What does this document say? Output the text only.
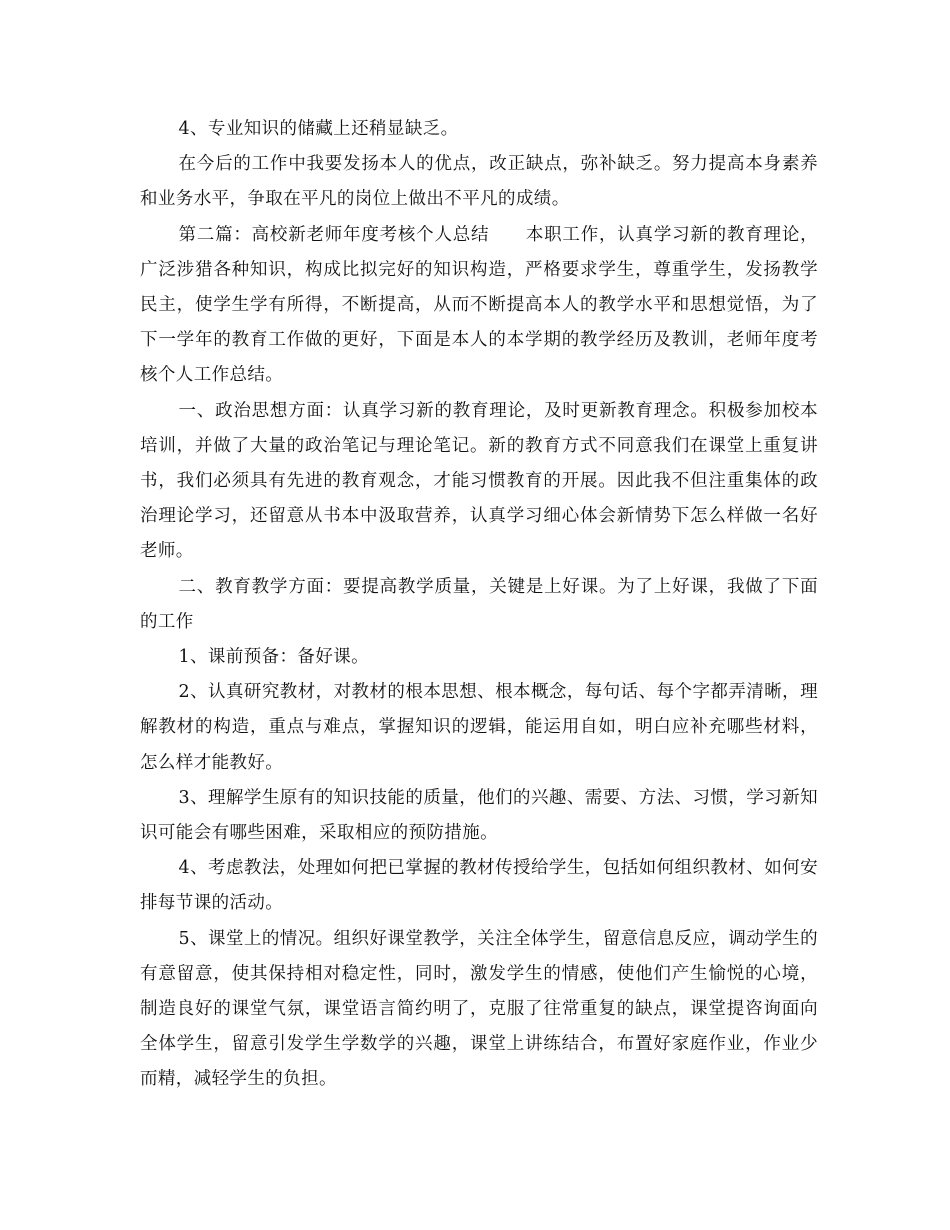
4、专业知识的储藏上还稍显缺乏。

在今后的工作中我要发扬本人的优点，改正缺点，弥补缺乏。努力提高本身素养和业务水平，争取在平凡的岗位上做出不平凡的成绩。

第二篇：高校新老师年度考核个人总结　　本职工作，认真学习新的教育理论，广泛涉猎各种知识，构成比拟完好的知识构造，严格要求学生，尊重学生，发扬教学民主，使学生学有所得，不断提高，从而不断提高本人的教学水平和思想觉悟，为了下一学年的教育工作做的更好，下面是本人的本学期的教学经历及教训，老师年度考核个人工作总结。

一、政治思想方面：认真学习新的教育理论，及时更新教育理念。积极参加校本培训，并做了大量的政治笔记与理论笔记。新的教育方式不同意我们在课堂上重复讲书，我们必须具有先进的教育观念，才能习惯教育的开展。因此我不但注重集体的政治理论学习，还留意从书本中汲取营养，认真学习细心体会新情势下怎么样做一名好老师。

二、教育教学方面：要提高教学质量，关键是上好课。为了上好课，我做了下面的工作

1、课前预备：备好课。

2、认真研究教材，对教材的根本思想、根本概念，每句话、每个字都弄清晰，理解教材的构造，重点与难点，掌握知识的逻辑，能运用自如，明白应补充哪些材料，怎么样才能教好。

3、理解学生原有的知识技能的质量，他们的兴趣、需要、方法、习惯，学习新知识可能会有哪些困难，采取相应的预防措施。

4、考虑教法，处理如何把已掌握的教材传授给学生，包括如何组织教材、如何安排每节课的活动。

5、课堂上的情况。组织好课堂教学，关注全体学生，留意信息反应，调动学生的有意留意，使其保持相对稳定性，同时，激发学生的情感，使他们产生愉悦的心境，制造良好的课堂气氛，课堂语言简约明了，克服了往常重复的缺点，课堂提咨询面向全体学生，留意引发学生学数学的兴趣，课堂上讲练结合，布置好家庭作业，作业少而精，减轻学生的负担。
